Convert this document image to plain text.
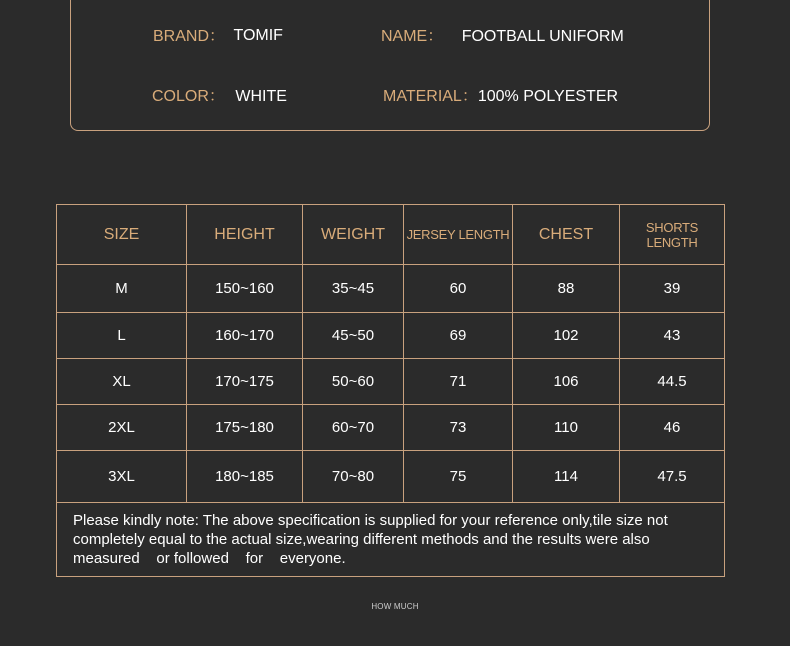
BRAND： TOMIF	NAME： FOOTBALL UNIFORM
COLOR： WHITE	MATERIAL：100% POLYESTER
SIZE	HEIGHT	WEIGHT	JERSEY LENGTH	CHEST	SHORTS LENGTH
M	150~160	35~45	60	88	39
L	160~170	45~50	69	102	43
XL	170~175	50~60	71	106	44.5
2XL	175~180	60~70	73	110	46
3XL	180~185	70~80	75	114	47.5
Please kindly note: The above specification is supplied for your reference only,tile size not completely equal to the actual size,wearing different methods and the results were also measured    or followed    for    everyone.					
HOW MUCH
